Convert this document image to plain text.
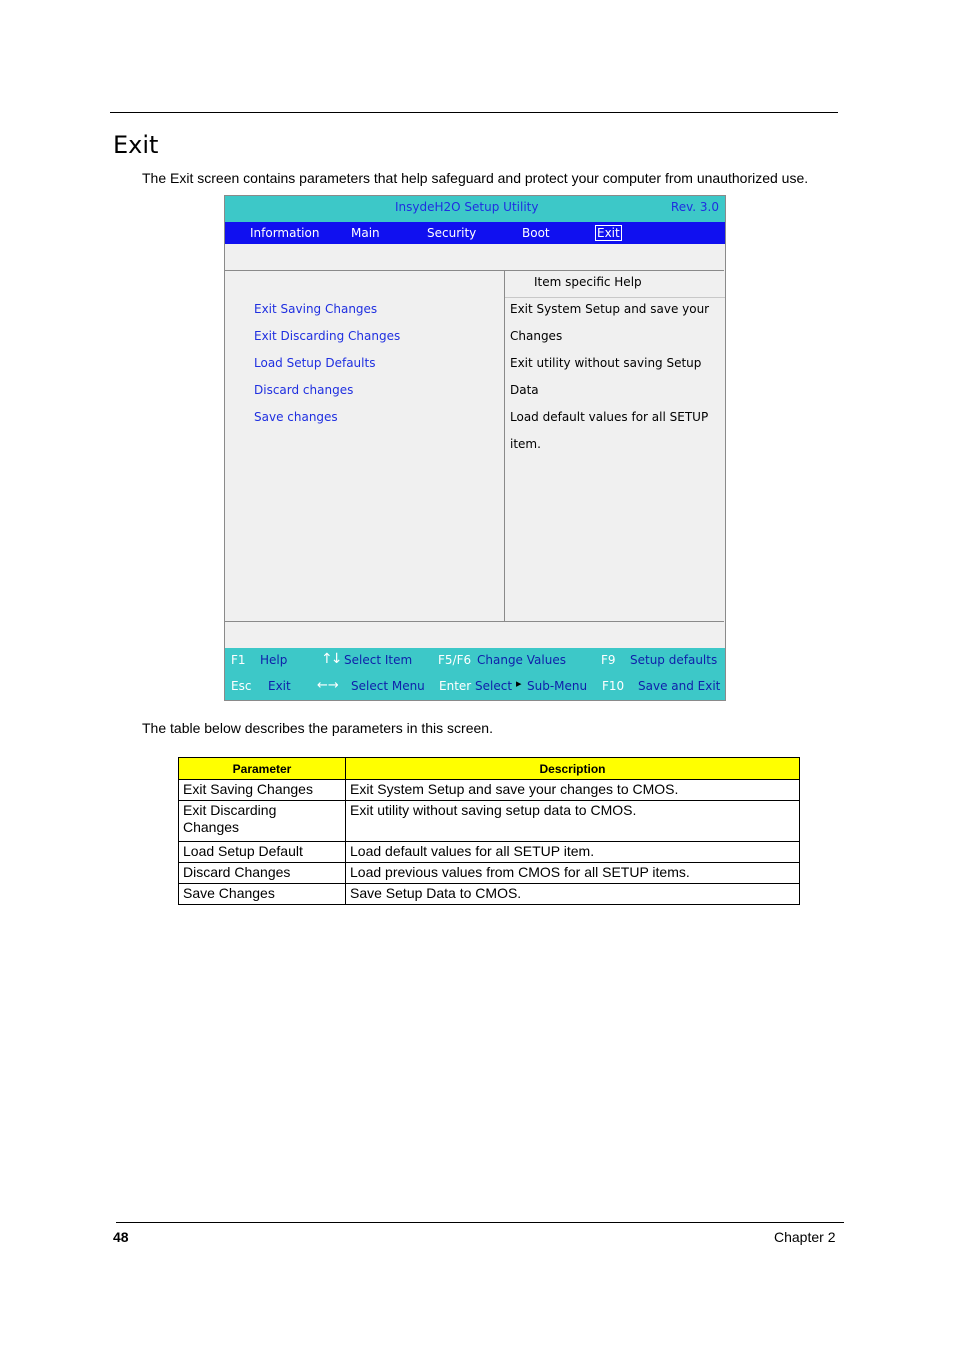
Exit
The Exit screen contains parameters that help safeguard and protect your computer from unauthorized use.
InsydeH2O Setup Utility	Rev. 3.0
Information	Main	Security	Boot	Exit
Exit Saving Changes
Exit Discarding Changes
Load Setup Defaults
Discard changes
Save changes
Item specific Help
Exit System Setup and save your
Changes
Exit utility without saving Setup
Data
Load default values for all SETUP
item.
F1 Help ↑↓ Select Item F5/F6 Change Values	F9 Setup defaults
Esc Exit ←→ Select Menu Enter Select ▸ Sub-Menu F10 Save and Exit
The table below describes the parameters in this screen.
Parameter	Description
Exit Saving Changes	Exit System Setup and save your changes to CMOS.
Exit Discarding
Changes	Exit utility without saving setup data to CMOS.
Load Setup Default	Load default values for all SETUP item.
Discard Changes	Load previous values from CMOS for all SETUP items.
Save Changes	Save Setup Data to CMOS.
48	Chapter 2
